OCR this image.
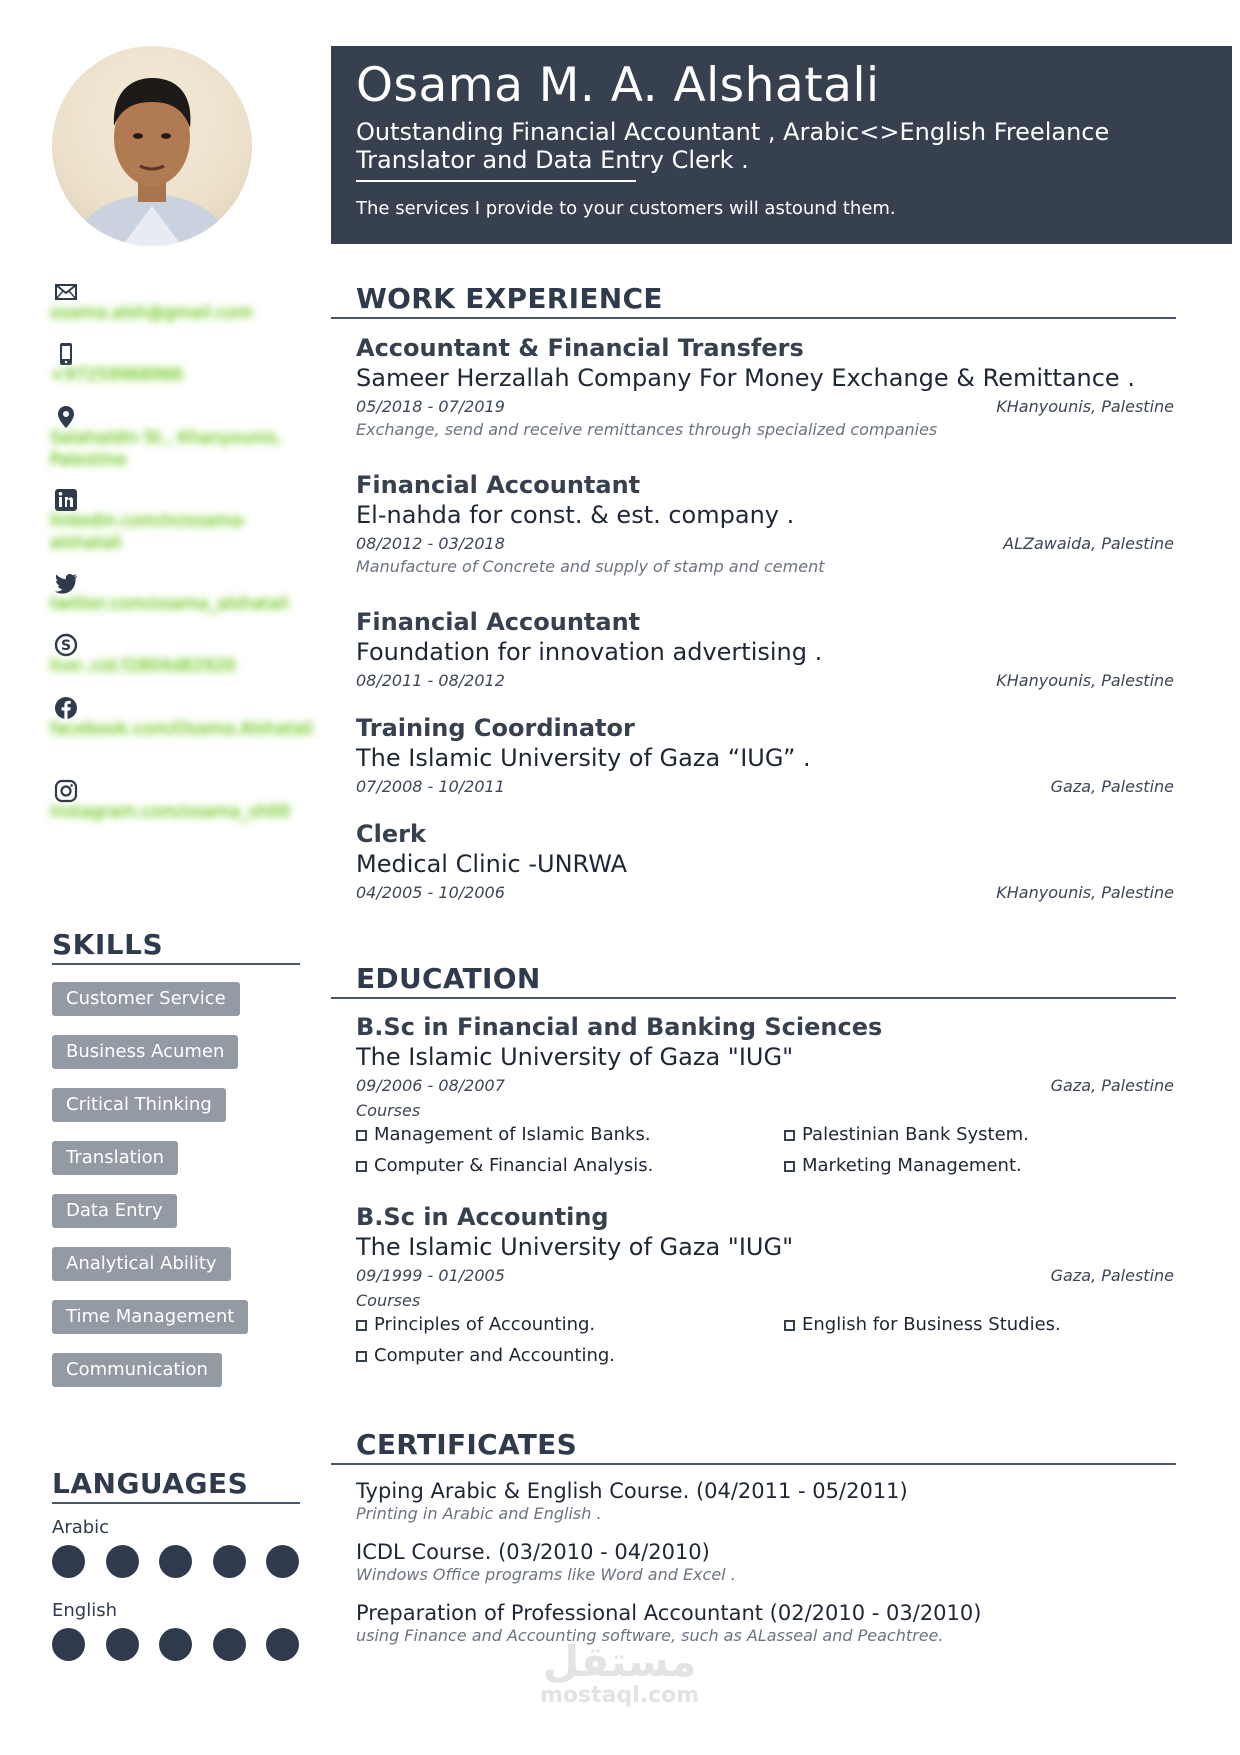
osama.alsh@gmail.com
+97259968966
Salahaldin St., Khanyounis, Palestine
linkedin.com/in/osama-alshatali
twitter.com/osama_alshatali
S
live:.cid.f2804d82920
facebook.com/Osama.Alshatali
instagram.com/osama_sh00
SKILLS
Customer Service
Business Acumen
Critical Thinking
Translation
Data Entry
Analytical Ability
Time Management
Communication
LANGUAGES
Arabic
English
Osama M. A. Alshatali
Outstanding Financial Accountant , Arabic<>English Freelance Translator and Data Entry Clerk .
The services I provide to your customers will astound them.
WORK EXPERIENCE
Accountant & Financial Transfers
Sameer Herzallah Company For Money Exchange & Remittance .
05/2018 - 07/2019	KHanyounis, Palestine
Exchange, send and receive remittances through specialized companies
Financial Accountant
El-nahda for const. & est. company .
08/2012 - 03/2018	ALZawaida, Palestine
Manufacture of Concrete and supply of stamp and cement
Financial Accountant
Foundation for innovation advertising .
08/2011 - 08/2012	KHanyounis, Palestine
Training Coordinator
The Islamic University of Gaza “IUG” .
07/2008 - 10/2011	Gaza, Palestine
Clerk
Medical Clinic -UNRWA
04/2005 - 10/2006	KHanyounis, Palestine
EDUCATION
B.Sc in Financial and Banking Sciences
The Islamic University of Gaza "IUG"
09/2006 - 08/2007	Gaza, Palestine
Courses
Management of Islamic Banks.	Palestinian Bank System.
Computer & Financial Analysis.	Marketing Management.
B.Sc in Accounting
The Islamic University of Gaza "IUG"
09/1999 - 01/2005	Gaza, Palestine
Courses
Principles of Accounting.	English for Business Studies.
Computer and Accounting.
CERTIFICATES
Typing Arabic & English Course. (04/2011 - 05/2011)
Printing in Arabic and English .
ICDL Course. (03/2010 - 04/2010)
Windows Office programs like Word and Excel .
Preparation of Professional Accountant (02/2010 - 03/2010)
using Finance and Accounting software, such as ALasseal and Peachtree.
مستقل
mostaql.com
